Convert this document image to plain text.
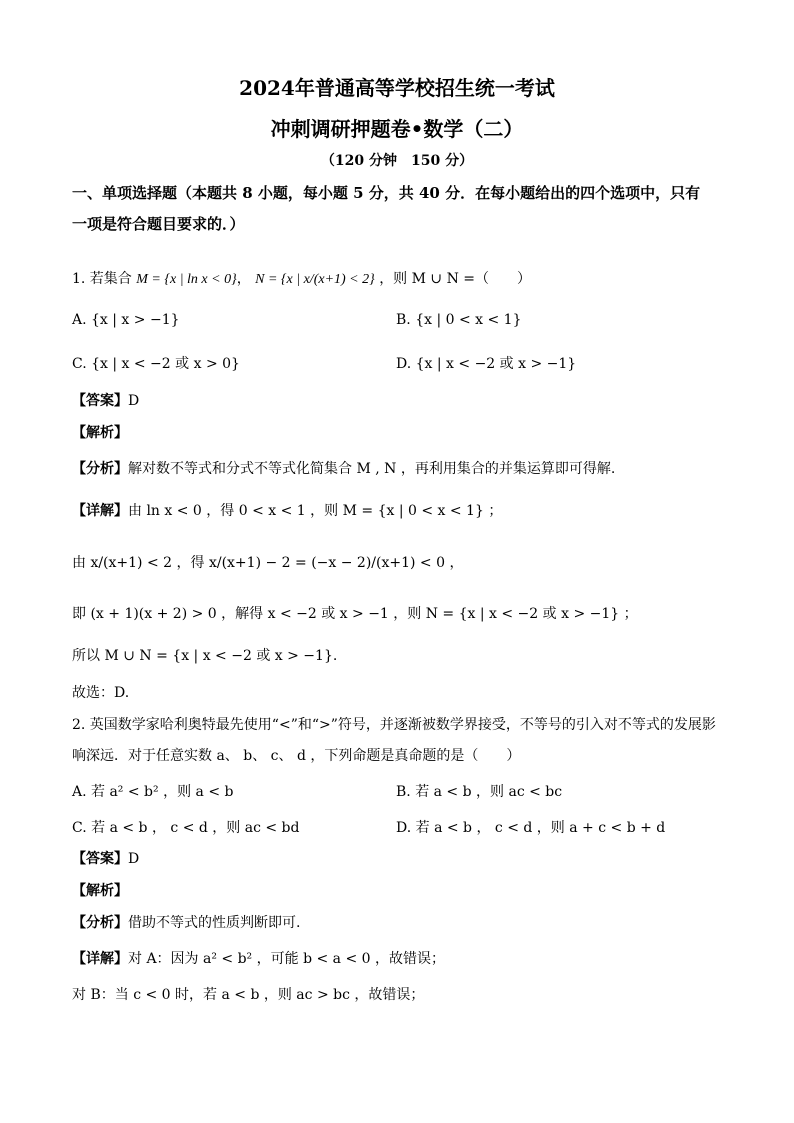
2024年普通高等学校招生统一考试
冲刺调研押题卷•数学（二）
（120 分钟　150 分）
一、单项选择题（本题共 8 小题，每小题 5 分，共 40 分．在每小题给出的四个选项中，只有
一项是符合题目要求的．）
1. 若集合 M = {x | ln x < 0}， N = {x | x/(x+1) < 2} ，则 M ∪ N =（　　）
A. {x | x > −1}	B. {x | 0 < x < 1}
C. {x | x < −2 或 x > 0}	D. {x | x < −2 或 x > −1}
【答案】D
【解析】
【分析】解对数不等式和分式不等式化简集合 M , N ，再利用集合的并集运算即可得解.
【详解】由 ln x < 0 ，得 0 < x < 1 ，则 M = {x | 0 < x < 1} ；
由 x/(x+1) < 2 ，得 x/(x+1) − 2 = (−x − 2)/(x+1) < 0 ，
即 (x + 1)(x + 2) > 0 ，解得 x < −2 或 x > −1 ，则 N = {x | x < −2 或 x > −1} ；
所以 M ∪ N = {x | x < −2 或 x > −1}.
故选：D.
2. 英国数学家哈利奥特最先使用“<”和“>”符号，并逐渐被数学界接受，不等号的引入对不等式的发展影
响深远．对于任意实数 a、 b、 c、 d ，下列命题是真命题的是（　　）
A. 若 a² < b² ，则 a < b	B. 若 a < b ，则 ac < bc
C. 若 a < b ， c < d ，则 ac < bd	D. 若 a < b ， c < d ，则 a + c < b + d
【答案】D
【解析】
【分析】借助不等式的性质判断即可.
【详解】对 A：因为 a² < b² ，可能 b < a < 0 ，故错误；
对 B：当 c < 0 时，若 a < b ，则 ac > bc ，故错误；
